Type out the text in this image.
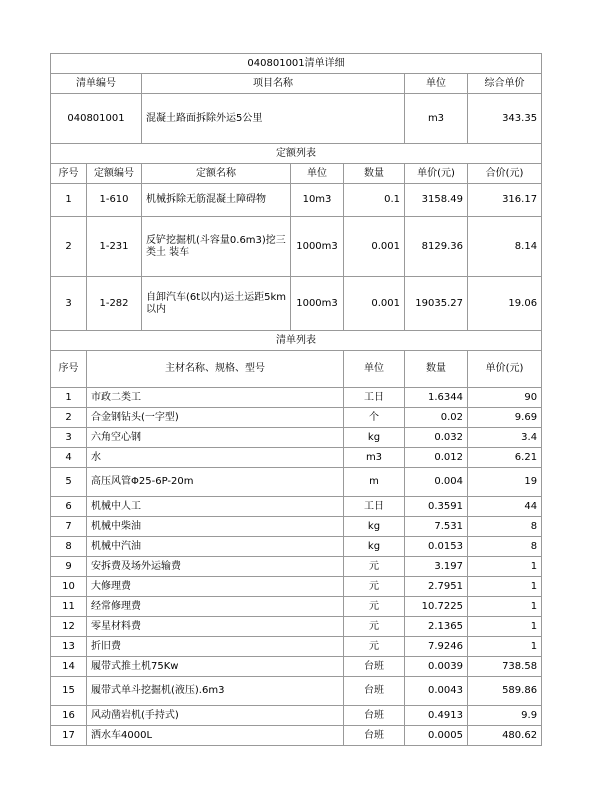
040801001清单详细							
清单编号		项目名称			单位	综合单价	
040801001		混凝土路面拆除外运5公里			m3	343.35	
定额列表							
序号	定额编号	定额名称	单位	数量	单价(元)	合价(元)	
1	1-610	机械拆除无筋混凝土障碍物	10m3	0.1	3158.49	316.17	
2	1-231	反铲挖掘机(斗容量0.6m3)挖三类土 装车	1000m3	0.001	8129.36	8.14	
3	1-282	自卸汽车(6t以内)运土运距5km以内	1000m3	0.001	19035.27	19.06	
清单列表							
序号	主材名称、规格、型号			单位	数量	单价(元)	
1	市政二类工			工日	1.6344	90	
2	合金钢钻头(一字型)			个	0.02	9.69	
3	六角空心钢			kg	0.032	3.4	
4	水			m3	0.012	6.21	
5	高压风管Φ25-6P-20m			m	0.004	19	
6	机械中人工			工日	0.3591	44	
7	机械中柴油			kg	7.531	8	
8	机械中汽油			kg	0.0153	8	
9	安拆费及场外运输费			元	3.197	1	
10	大修理费			元	2.7951	1	
11	经常修理费			元	10.7225	1	
12	零星材料费			元	2.1365	1	
13	折旧费			元	7.9246	1	
14	履带式推土机75Kw			台班	0.0039	738.58	
15	履带式单斗挖掘机(液压).6m3			台班	0.0043	589.86	
16	风动凿岩机(手持式)			台班	0.4913	9.9	
17	洒水车4000L			台班	0.0005	480.62	
